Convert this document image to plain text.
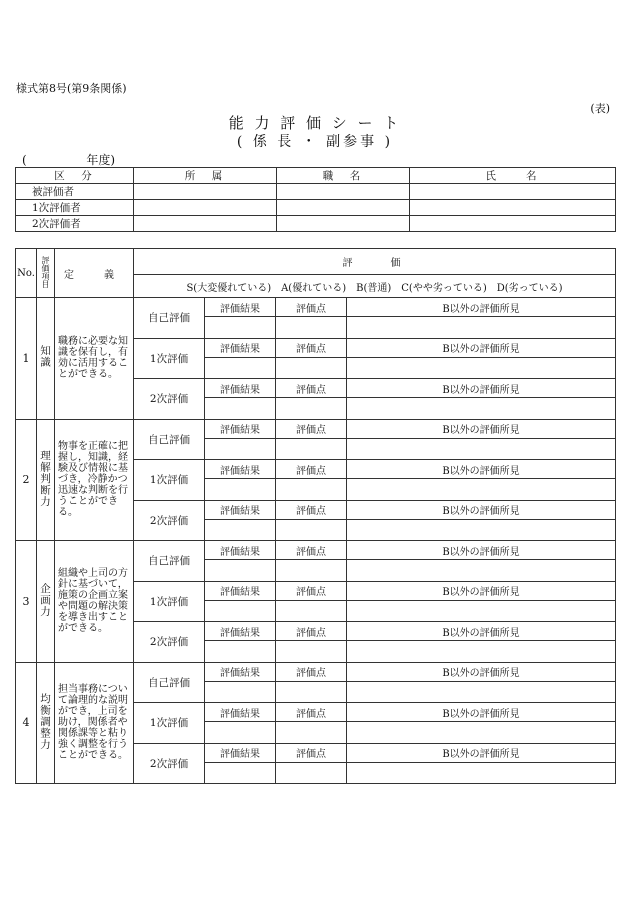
様式第8号(第9条関係)
(表)
能 力 評 価 シ ー ト
( 係 長 ・ 副参事 )
(	年度)
区　分	所　属	職　名	氏　　名
被評価者			
1次評価者			
2次評価者			
No.	評価項目	定　義	評　　価			
			S(大変優れている)　A(優れている)　B(普通)　C(やや劣っている)　D(劣っている)			
1	知識	職務に必要な知識を保有し，有効に活用することができる。	自己評価	評価結果	評価点	B以外の評価所見

			1次評価	評価結果	評価点	B以外の評価所見

			2次評価	評価結果	評価点	B以外の評価所見

2	理解判断力	物事を正確に把握し，知識，経験及び情報に基づき，冷静かつ迅速な判断を行うことができる。	自己評価	評価結果	評価点	B以外の評価所見

			1次評価	評価結果	評価点	B以外の評価所見

			2次評価	評価結果	評価点	B以外の評価所見

3	企画力	組織や上司の方針に基づいて，施策の企画立案や問題の解決策を導き出すことができる。	自己評価	評価結果	評価点	B以外の評価所見

			1次評価	評価結果	評価点	B以外の評価所見

			2次評価	評価結果	評価点	B以外の評価所見

4	均衡調整力	担当事務について論理的な説明ができ，上司を助け，関係者や関係課等と粘り強く調整を行うことができる。	自己評価	評価結果	評価点	B以外の評価所見

			1次評価	評価結果	評価点	B以外の評価所見

			2次評価	評価結果	評価点	B以外の評価所見
